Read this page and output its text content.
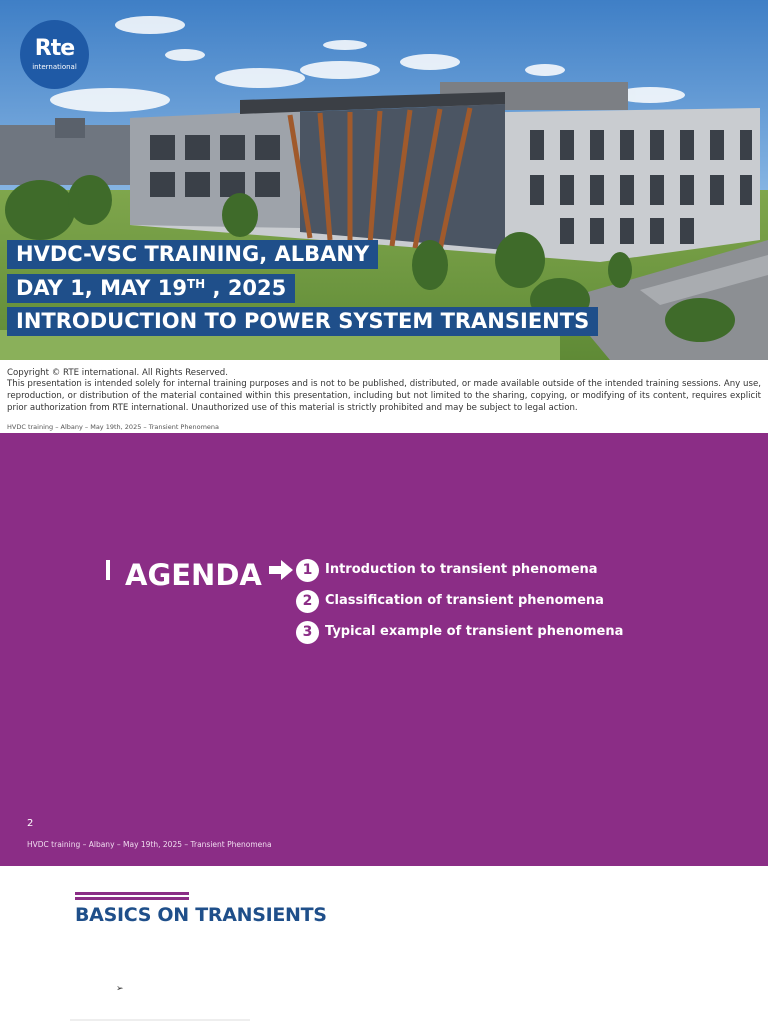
Rte
international
HVDC-VSC TRAINING, ALBANY
DAY 1, MAY 19TH , 2025
INTRODUCTION TO POWER SYSTEM TRANSIENTS
Copyright © RTE international. All Rights Reserved.
This presentation is intended solely for internal training purposes and is not to be published, distributed, or made available outside of the intended training sessions. Any use, reproduction, or distribution of the material contained within this presentation, including but not limited to the sharing, copying, or modifying of its content, requires explicit prior authorization from RTE international. Unauthorized use of this material is strictly prohibited and may be subject to legal action.
HVDC training – Albany – May 19th, 2025 – Transient Phenomena
AGENDA	1 Introduction to transient phenomena
2 Classification of transient phenomena
3 Typical example of transient phenomena
2
HVDC training – Albany – May 19th, 2025 – Transient Phenomena
BASICS ON TRANSIENTS
➢
